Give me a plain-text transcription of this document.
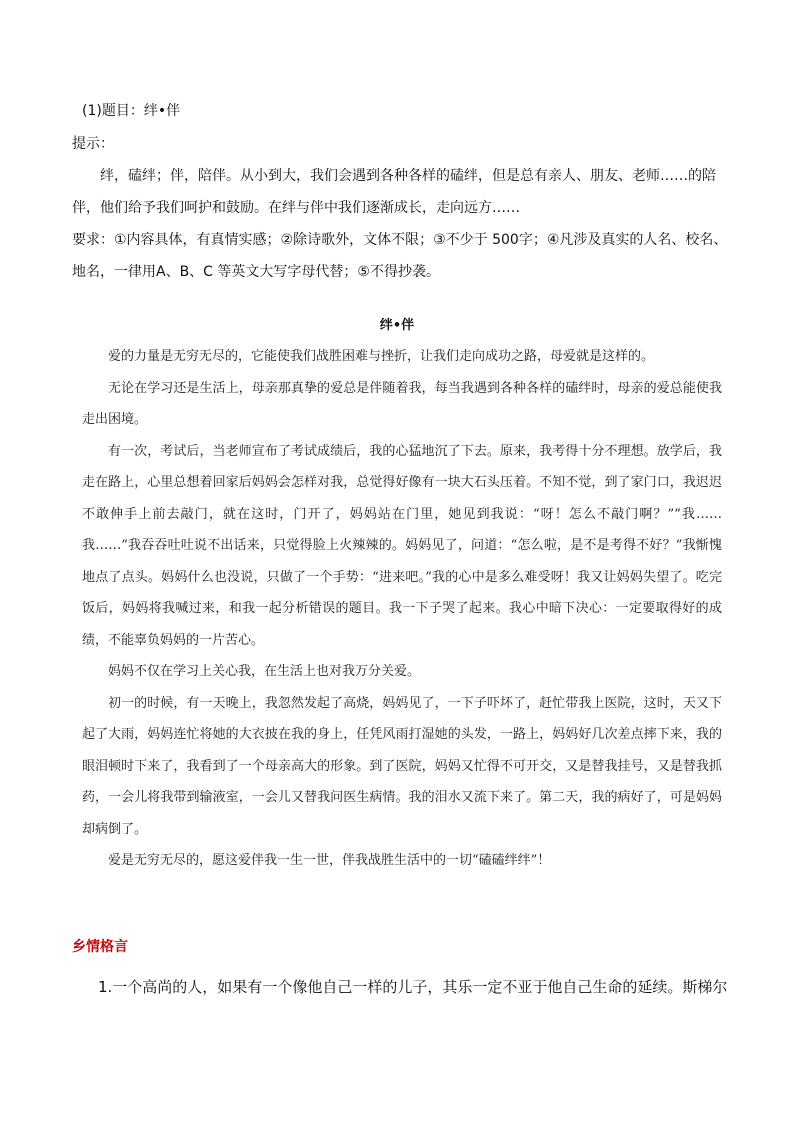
(1)题目：绊•伴
提示：
绊，磕绊；伴，陪伴。从小到大，我们会遇到各种各样的磕绊，但是总有亲人、朋友、老师……的陪
伴，他们给予我们呵护和鼓励。在绊与伴中我们逐渐成长，走向远方……
要求：①内容具体，有真情实感；②除诗歌外，文体不限；③不少于 500字；④凡涉及真实的人名、校名、
地名，一律用A、B、C 等英文大写字母代替；⑤不得抄袭。
绊•伴

爱的力量是无穷无尽的，它能使我们战胜困难与挫折，让我们走向成功之路，母爱就是这样的。

无论在学习还是生活上，母亲那真挚的爱总是伴随着我，每当我遇到各种各样的磕绊时，母亲的爱总能使我走出困境。

有一次，考试后，当老师宣布了考试成绩后，我的心猛地沉了下去。原来，我考得十分不理想。放学后，我走在路上，心里总想着回家后妈妈会怎样对我，总觉得好像有一块大石头压着。不知不觉，到了家门口，我迟迟不敢伸手上前去敲门，就在这时，门开了，妈妈站在门里，她见到我说：“呀！怎么不敲门啊？”“我……我……”我吞吞吐吐说不出话来，只觉得脸上火辣辣的。妈妈见了，问道：“怎么啦，是不是考得不好？”我惭愧地点了点头。妈妈什么也没说，只做了一个手势：“进来吧。”我的心中是多么难受呀！我又让妈妈失望了。吃完饭后，妈妈将我喊过来，和我一起分析错误的题目。我一下子哭了起来。我心中暗下决心：一定要取得好的成绩，不能辜负妈妈的一片苦心。

妈妈不仅在学习上关心我，在生活上也对我万分关爱。

初一的时候，有一天晚上，我忽然发起了高烧，妈妈见了，一下子吓坏了，赶忙带我上医院，这时，天又下起了大雨，妈妈连忙将她的大衣披在我的身上，任凭风雨打湿她的头发，一路上，妈妈好几次差点摔下来，我的眼泪顿时下来了，我看到了一个母亲高大的形象。到了医院，妈妈又忙得不可开交，又是替我挂号，又是替我抓药，一会儿将我带到输液室，一会儿又替我问医生病情。我的泪水又流下来了。第二天，我的病好了，可是妈妈却病倒了。

爱是无穷无尽的，愿这爱伴我一生一世，伴我战胜生活中的一切“磕磕绊绊”！

乡情格言
1.一个高尚的人，如果有一个像他自己一样的儿子，其乐一定不亚于他自己生命的延续。斯梯尔
